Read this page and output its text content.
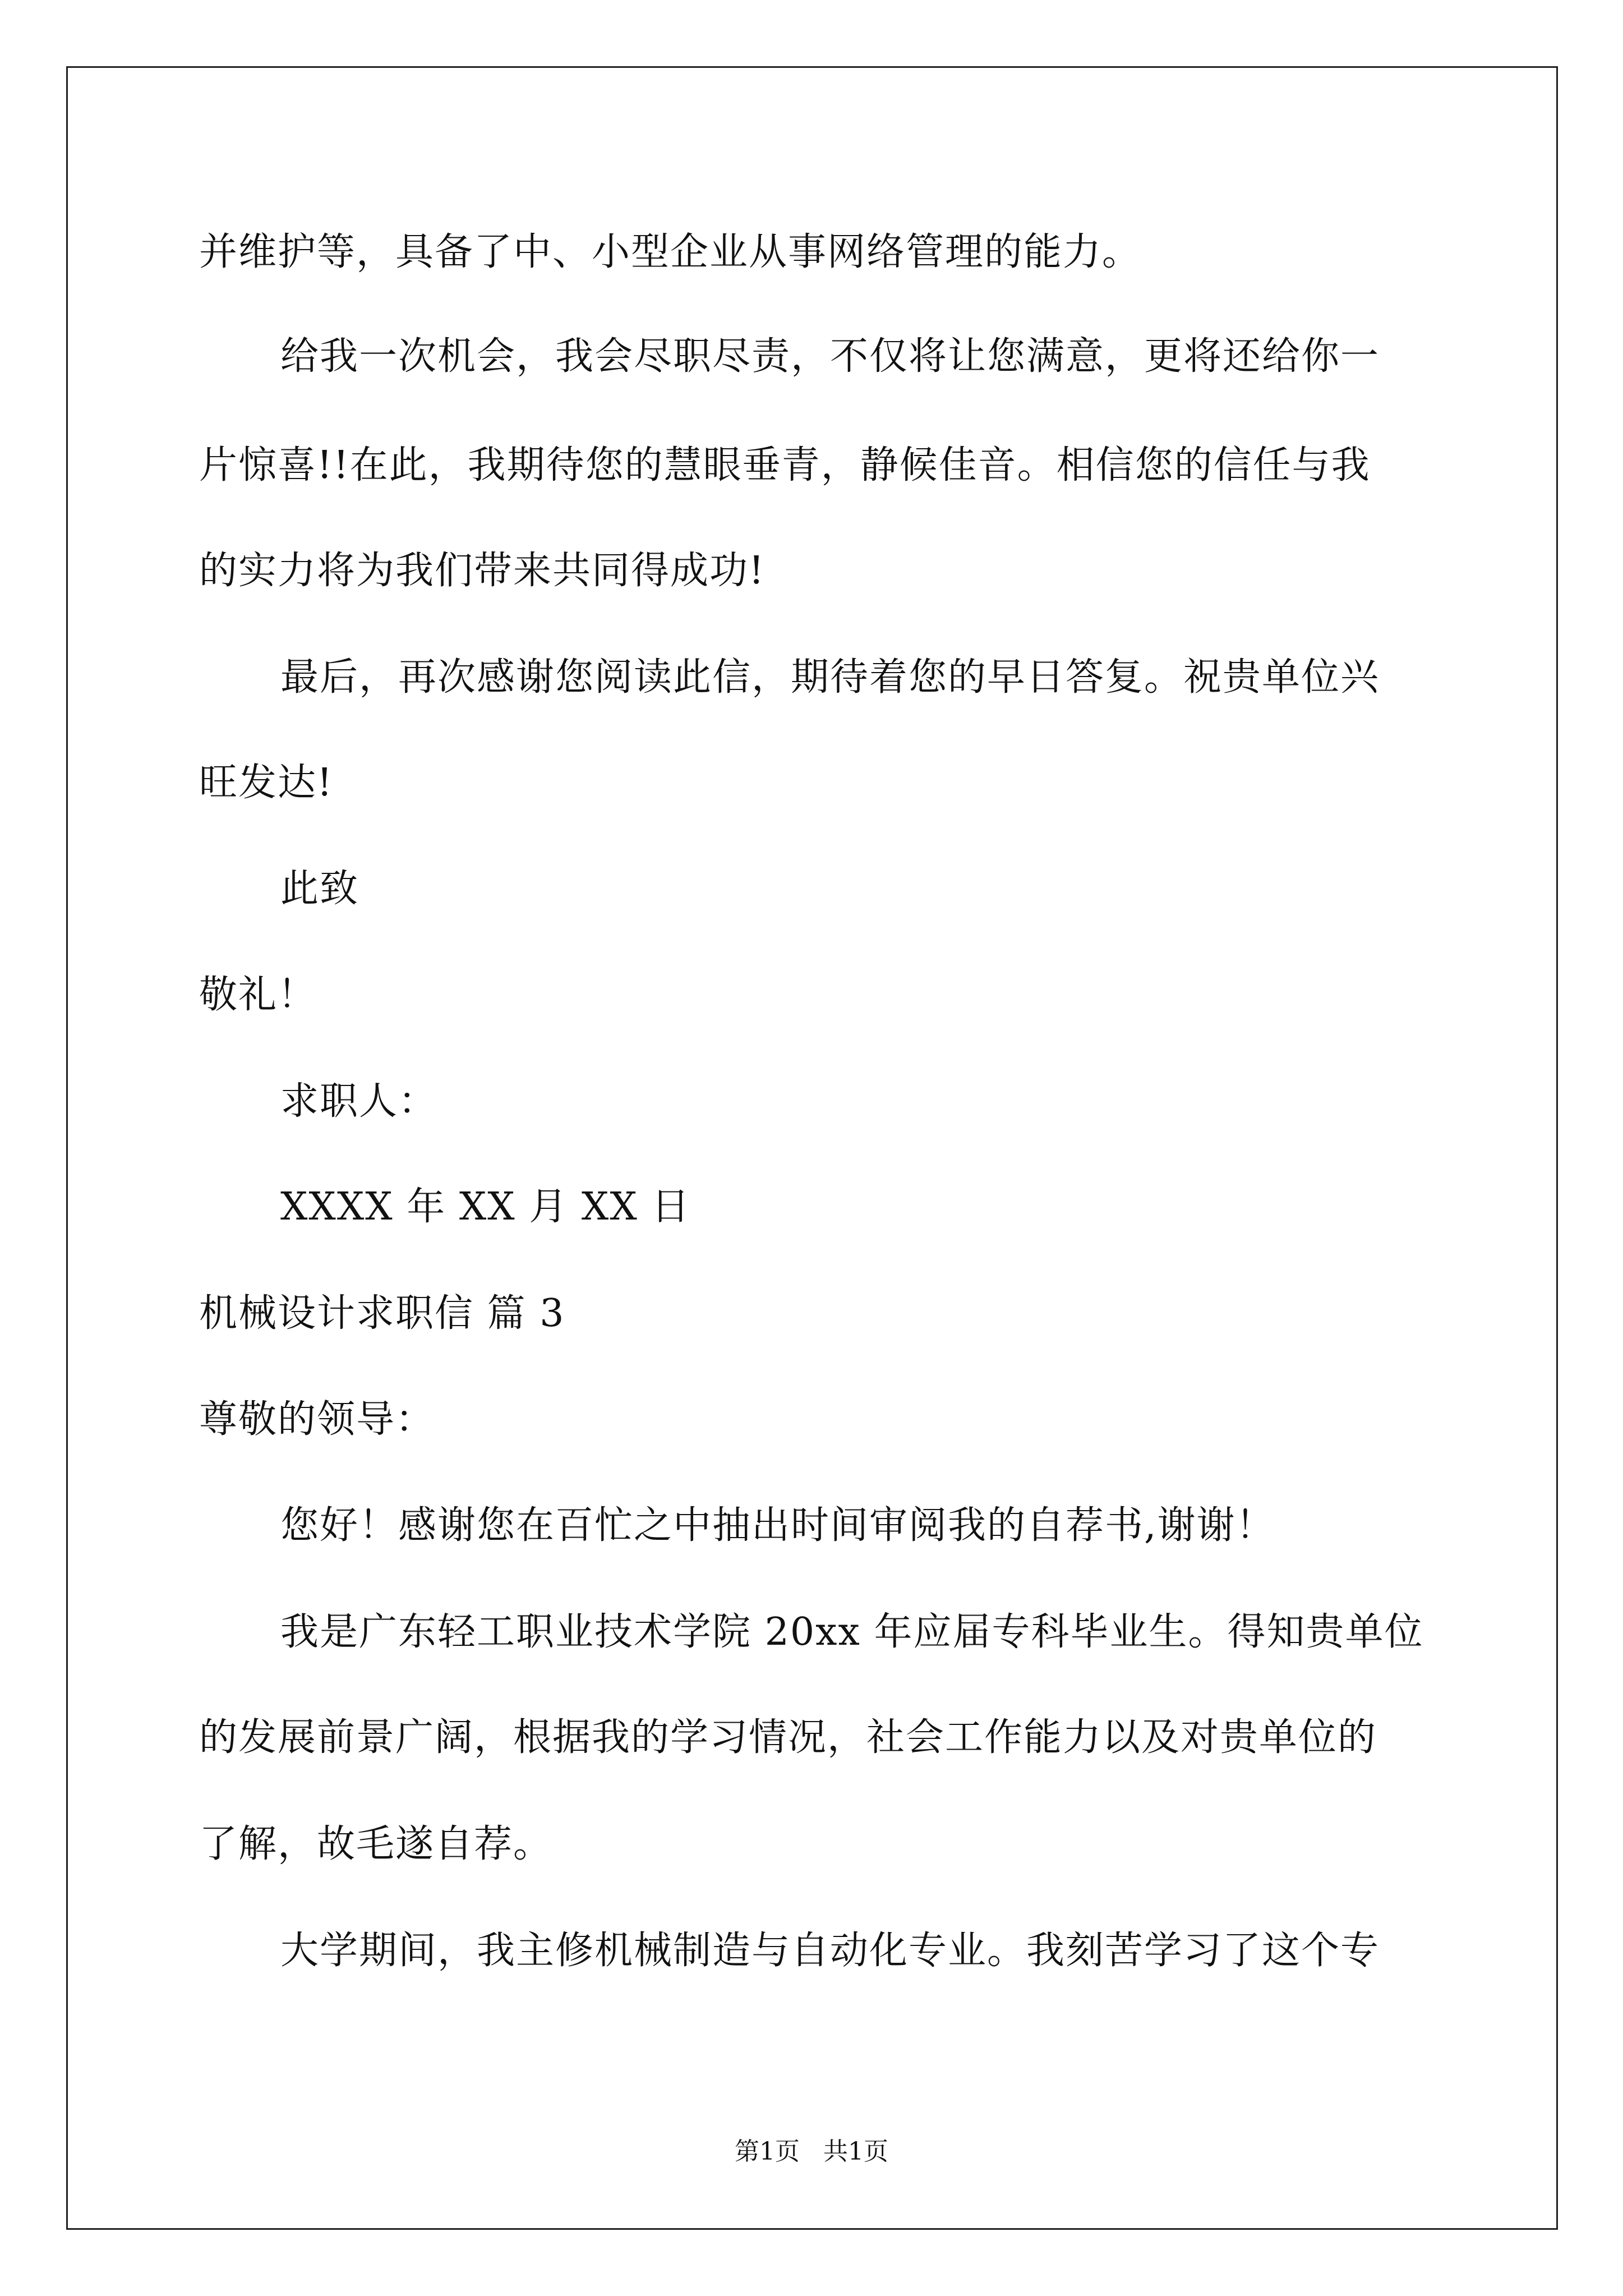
并维护等，具备了中、小型企业从事网络管理的能力。
给我一次机会，我会尽职尽责，不仅将让您满意，更将还给你一
片惊喜!!在此，我期待您的慧眼垂青，静候佳音。相信您的信任与我
的实力将为我们带来共同得成功!
最后，再次感谢您阅读此信，期待着您的早日答复。祝贵单位兴
旺发达!
此致
敬礼！
求职人：
XXXX 年 XX 月 XX 日
机械设计求职信 篇 3
尊敬的领导：
您好！感谢您在百忙之中抽出时间审阅我的自荐书,谢谢！
我是广东轻工职业技术学院 20xx 年应届专科毕业生。得知贵单位
的发展前景广阔，根据我的学习情况，社会工作能力以及对贵单位的
了解，故毛遂自荐。
大学期间，我主修机械制造与自动化专业。我刻苦学习了这个专
第1页   共1页
